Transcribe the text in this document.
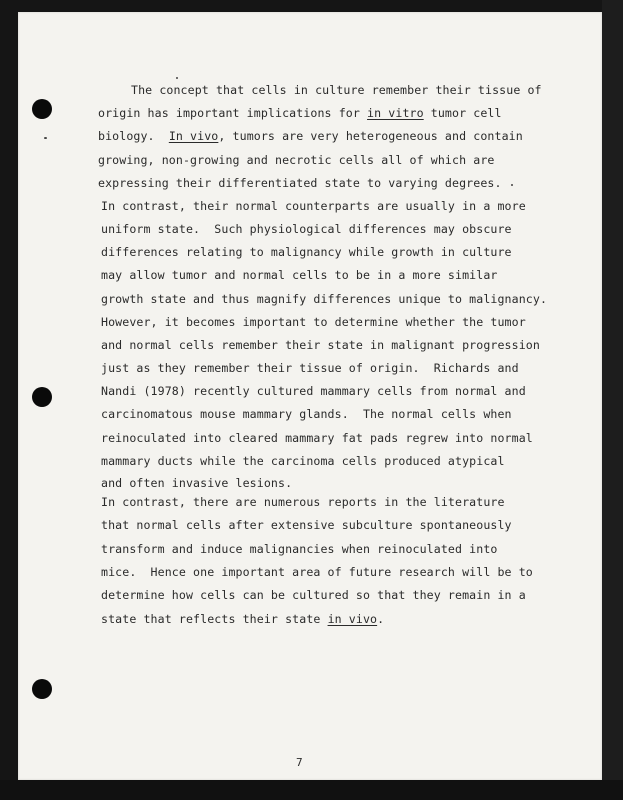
The concept that cells in culture remember their tissue of
origin has important implications for in vitro tumor cell
biology.  In vivo, tumors are very heterogeneous and contain
growing, non-growing and necrotic cells all of which are
expressing their differentiated state to varying degrees.
In contrast, their normal counterparts are usually in a more
uniform state.  Such physiological differences may obscure
differences relating to malignancy while growth in culture
may allow tumor and normal cells to be in a more similar
growth state and thus magnify differences unique to malignancy.
However, it becomes important to determine whether the tumor
and normal cells remember their state in malignant progression
just as they remember their tissue of origin.  Richards and
Nandi (1978) recently cultured mammary cells from normal and
carcinomatous mouse mammary glands.  The normal cells when
reinoculated into cleared mammary fat pads regrew into normal
mammary ducts while the carcinoma cells produced atypical
and often invasive lesions.
In contrast, there are numerous reports in the literature
that normal cells after extensive subculture spontaneously
transform and induce malignancies when reinoculated into
mice.  Hence one important area of future research will be to
determine how cells can be cultured so that they remain in a
state that reflects their state in vivo.
7
